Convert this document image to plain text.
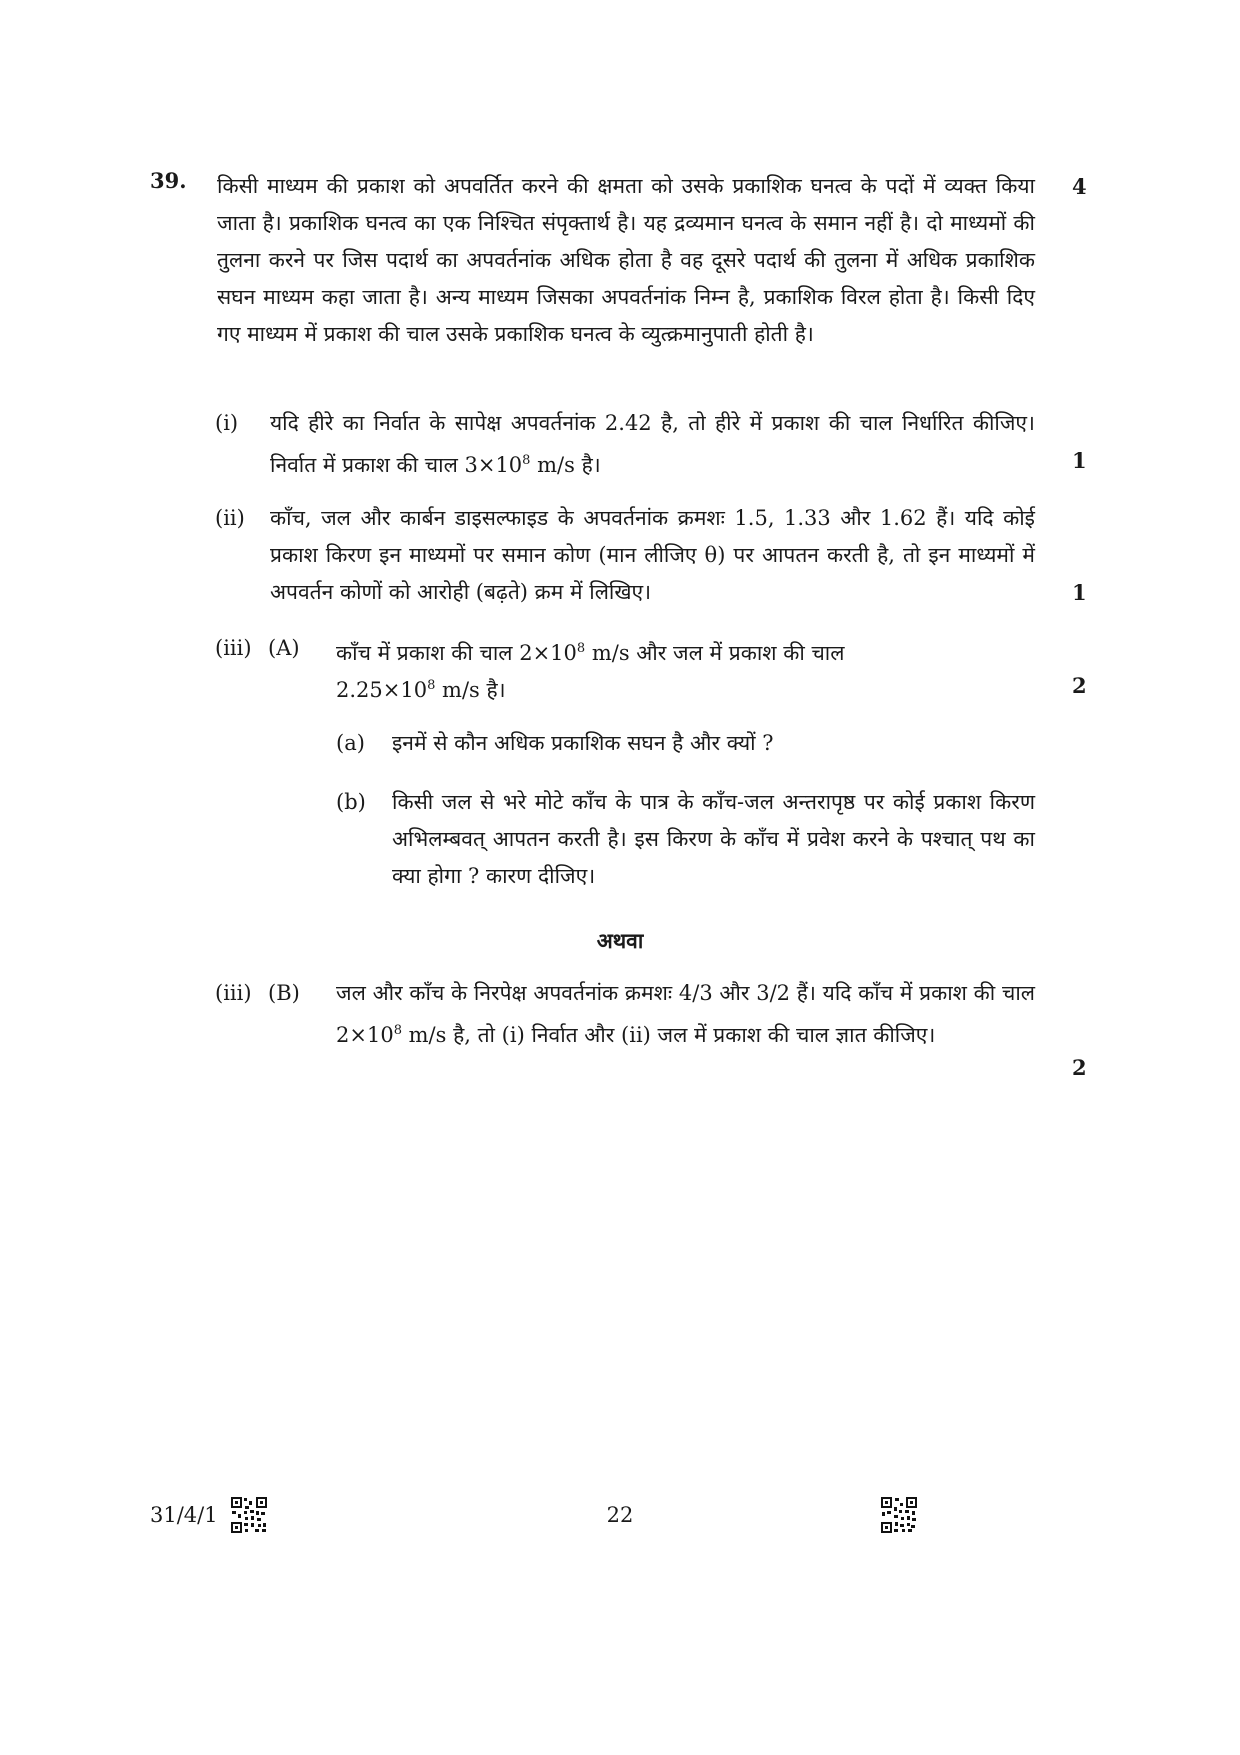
39. किसी माध्यम की प्रकाश को अपवर्तित करने की क्षमता को उसके प्रकाशिक घनत्व के पदों में व्यक्त किया जाता है। प्रकाशिक घनत्व का एक निश्चित संपृक्तार्थ है। यह द्रव्यमान घनत्व के समान नहीं है। दो माध्यमों की तुलना करने पर जिस पदार्थ का अपवर्तनांक अधिक होता है वह दूसरे पदार्थ की तुलना में अधिक प्रकाशिक सघन माध्यम कहा जाता है। अन्य माध्यम जिसका अपवर्तनांक निम्न है, प्रकाशिक विरल होता है। किसी दिए गए माध्यम में प्रकाश की चाल उसके प्रकाशिक घनत्व के व्युत्क्रमानुपाती होती है।
4
(i) यदि हीरे का निर्वात के सापेक्ष अपवर्तनांक 2.42 है, तो हीरे में प्रकाश की चाल निर्धारित कीजिए। निर्वात में प्रकाश की चाल $3\times 10^8$ m/s है।	1
(ii) काँच, जल और कार्बन डाइसल्फाइड के अपवर्तनांक क्रमशः 1.5, 1.33 और 1.62 हैं। यदि कोई प्रकाश किरण इन माध्यमों पर समान कोण (मान लीजिए θ) पर आपतन करती है, तो इन माध्यमों में अपवर्तन कोणों को आरोही (बढ़ते) क्रम में लिखिए।	1
(iii) (A) काँच में प्रकाश की चाल $2\times 10^8$ m/s और जल में प्रकाश की चाल
$2.25\times 10^8$ m/s है।	2
(a) इनमें से कौन अधिक प्रकाशिक सघन है और क्यों ?
(b) किसी जल से भरे मोटे काँच के पात्र के काँच-जल अन्तरापृष्ठ पर कोई प्रकाश किरण अभिलम्बवत् आपतन करती है। इस किरण के काँच में प्रवेश करने के पश्चात् पथ का क्या होगा ? कारण दीजिए।
अथवा
(iii) (B) जल और काँच के निरपेक्ष अपवर्तनांक क्रमशः 4/3 और 3/2 हैं। यदि काँच में प्रकाश की चाल $2\times 10^8$ m/s है, तो (i) निर्वात और (ii) जल में प्रकाश की चाल ज्ञात कीजिए।
2
31/4/1	22
